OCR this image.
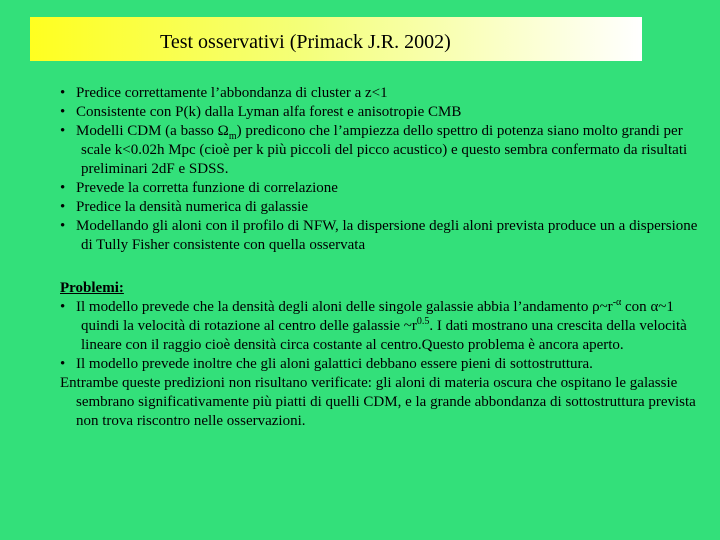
Test osservativi (Primack J.R. 2002)
• Predice correttamente l’abbondanza di cluster a z<1
• Consistente con P(k) dalla Lyman alfa forest e anisotropie CMB
• Modelli CDM (a basso $\Omega_m$) predicono che l’ampiezza dello spettro di potenza siano molto grandi per scale k<0.02h Mpc (cioè per k più piccoli del picco acustico) e questo sembra confermato da risultati preliminari 2dF e SDSS.
• Prevede la corretta funzione di correlazione
• Predice la densità numerica di galassie
• Modellando gli aloni con il profilo di NFW, la dispersione degli aloni prevista produce un a dispersione di Tully Fisher consistente con quella osservata
Problemi:
• Il modello prevede che la densità degli aloni delle singole galassie abbia l’andamento $\rho\sim r^{-\alpha}$ con α~1 quindi la velocità di rotazione al centro delle galassie $\sim r^{0.5}$. I dati mostrano una crescita della velocità lineare con il raggio cioè densità circa costante al centro.Questo problema è ancora aperto.
• Il modello prevede inoltre che gli aloni galattici debbano essere pieni di sottostruttura.
Entrambe queste predizioni non risultano verificate: gli aloni di materia oscura che ospitano le galassie sembrano significativamente più piatti di quelli CDM, e la grande abbondanza di sottostruttura prevista non trova riscontro nelle osservazioni.
